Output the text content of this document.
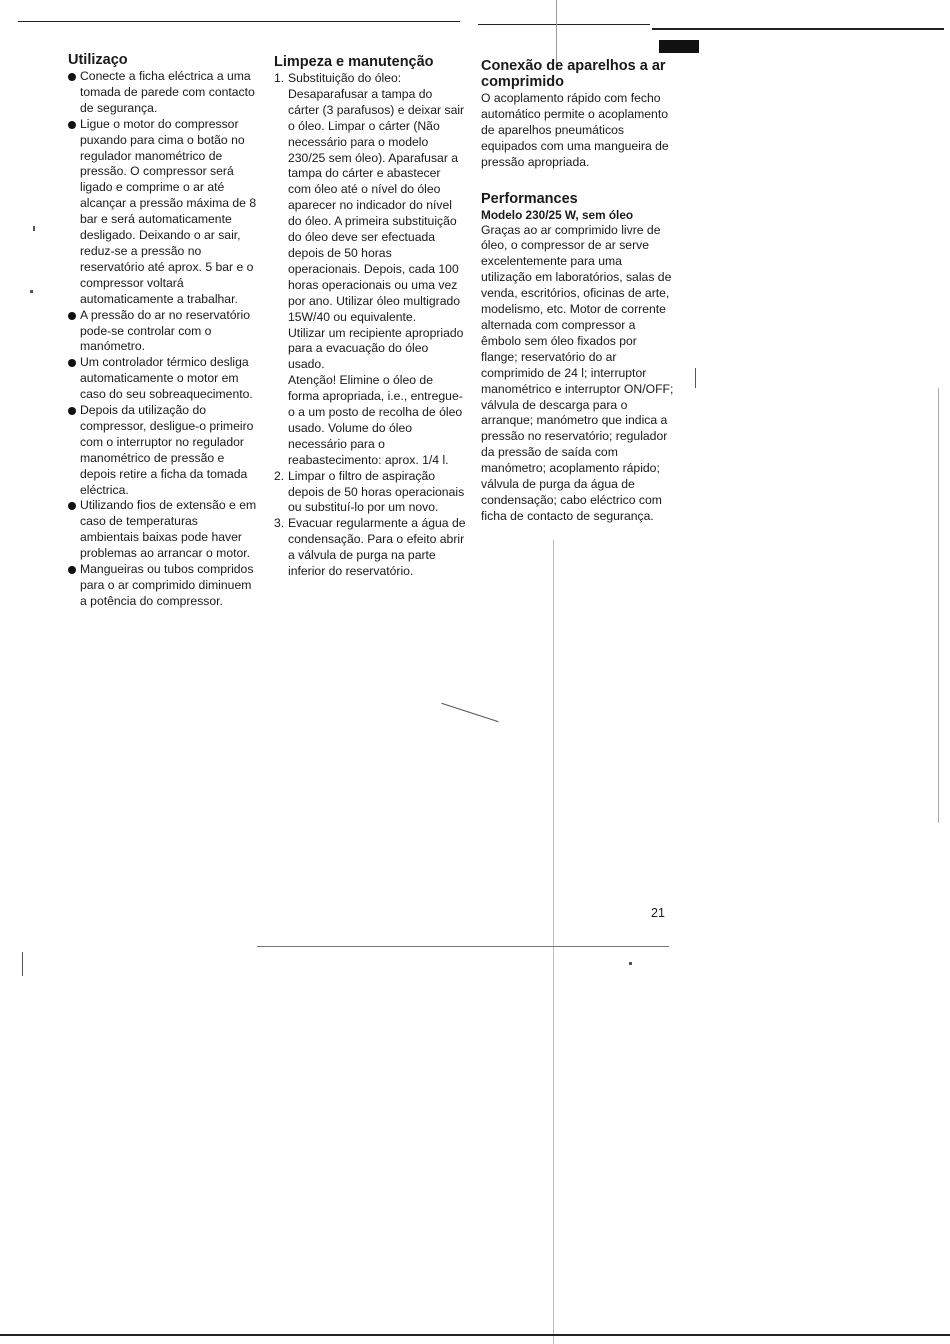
Utilizaço
Conecte a ficha eléctrica a uma tomada de parede com contacto de segurança.
Ligue o motor do compressor puxando para cima o botão no regulador manométrico de pressão. O compressor será ligado e comprime o ar até alcançar a pressão máxima de 8 bar e será automaticamente desligado. Deixando o ar sair, reduz-se a pressão no reservatório até aprox. 5 bar e o compressor voltará automaticamente a trabalhar.
A pressão do ar no reservatório pode-se controlar com o manómetro.
Um controlador térmico desliga automaticamente o motor em caso do seu sobreaquecimento.
Depois da utilização do compressor, desligue-o primeiro com o interruptor no regulador manométrico de pressão e depois retire a ficha da tomada eléctrica.
Utilizando fios de extensão e em caso de temperaturas ambientais baixas pode haver problemas ao arrancar o motor.
Mangueiras ou tubos compridos para o ar comprimido diminuem a potência do compressor.
Limpeza e manutenção
1. Substituição do óleo:

Desaparafusar a tampa do cárter (3 parafusos) e deixar sair o óleo. Limpar o cárter (Não necessário para o modelo 230/25 sem óleo). Aparafusar a tampa do cárter e abastecer com óleo até o nível do óleo aparecer no indicador do nível do óleo. A primeira substituição do óleo deve ser efectuada depois de 50 horas operacionais. Depois, cada 100 horas operacionais ou uma vez por ano. Utilizar óleo multigrado 15W/40 ou equivalente.

Utilizar um recipiente apropriado para a evacuação do óleo usado.

Atenção! Elimine o óleo de forma apropriada, i.e., entregue-o a um posto de recolha de óleo usado. Volume do óleo necessário para o reabastecimento: aprox. 1/4 l.

2. Limpar o filtro de aspiração depois de 50 horas operacionais ou substituí-lo por um novo.

3. Evacuar regularmente a água de condensação. Para o efeito abrir a válvula de purga na parte inferior do reservatório.

Conexão de aparelhos a ar comprimido

O acoplamento rápido com fecho automático permite o acoplamento de aparelhos pneumáticos equipados com uma mangueira de pressão apropriada.

Performances
Modelo 230/25 W, sem óleo

Graças ao ar comprimido livre de óleo, o compressor de ar serve excelentemente para uma utilização em laboratórios, salas de venda, escritórios, oficinas de arte, modelismo, etc. Motor de corrente alternada com compressor a êmbolo sem óleo fixados por flange; reservatório do ar comprimido de 24 l; interruptor manométrico e interruptor ON/OFF; válvula de descarga para o arranque; manómetro que indica a pressão no reservatório; regulador da pressão de saída com manómetro; acoplamento rápido; válvula de purga da água de condensação; cabo eléctrico com ficha de contacto de segurança.

21
